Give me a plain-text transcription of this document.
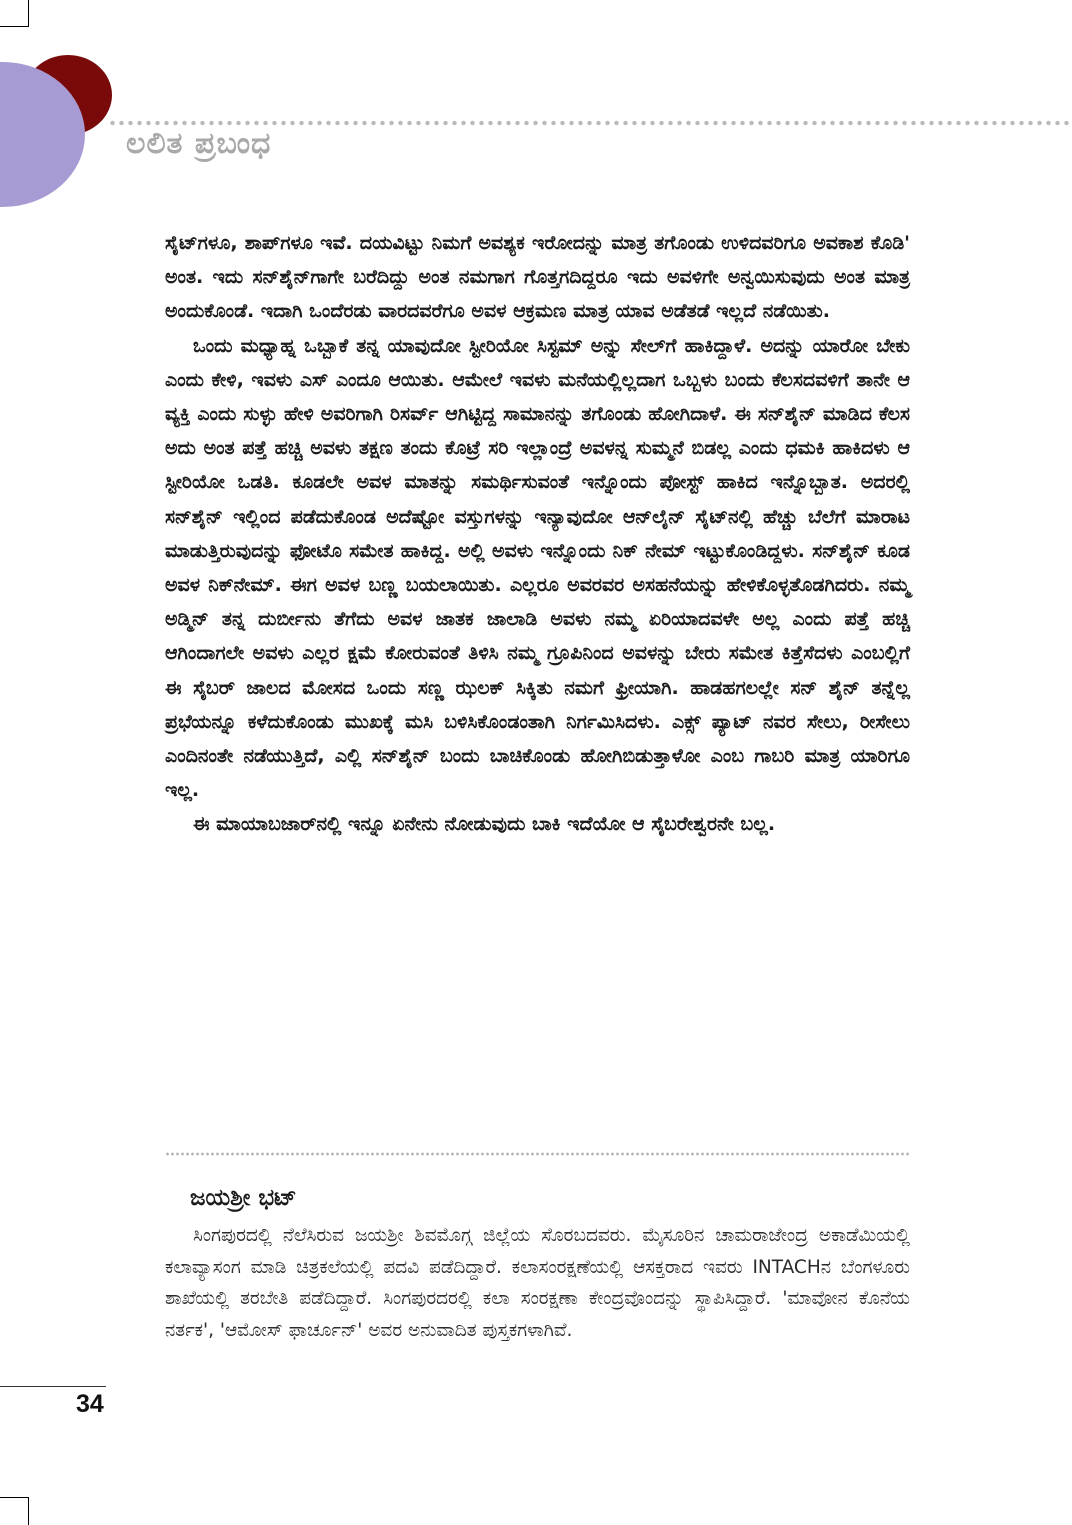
ಲಲಿತ ಪ್ರಬಂಧ

ಸೈಟ್‌ಗಳೂ, ಶಾಪ್‌ಗಳೂ ಇವೆ. ದಯವಿಟ್ಟು ನಿಮಗೆ ಅವಶ್ಯಕ ಇರೋದನ್ನು ಮಾತ್ರ ತಗೊಂಡು ಉಳಿದವರಿಗೂ ಅವಕಾಶ ಕೊಡಿ' ಅಂತ. ಇದು ಸನ್‌ಶೈನ್‌ಗಾಗೇ ಬರೆದಿದ್ದು ಅಂತ ನಮಗಾಗ ಗೊತ್ತಗದಿದ್ದರೂ ಇದು ಅವಳಿಗೇ ಅನ್ವಯಿಸುವುದು ಅಂತ ಮಾತ್ರ ಅಂದುಕೊಂಡೆ. ಇದಾಗಿ ಒಂದೆರಡು ವಾರದವರೆಗೂ ಅವಳ ಆಕ್ರಮಣ ಮಾತ್ರ ಯಾವ ಅಡೆತಡೆ ಇಲ್ಲದೆ ನಡೆಯಿತು.

ಒಂದು ಮಧ್ಯಾಹ್ನ ಒಬ್ಬಾಕೆ ತನ್ನ ಯಾವುದೋ ಸ್ಟೀರಿಯೋ ಸಿಸ್ಟಮ್ ಅನ್ನು ಸೇಲ್‌ಗೆ ಹಾಕಿದ್ದಾಳೆ. ಅದನ್ನು ಯಾರೋ ಬೇಕು ಎಂದು ಕೇಳಿ, ಇವಳು ಎಸ್ ಎಂದೂ ಆಯಿತು. ಆಮೇಲೆ ಇವಳು ಮನೆಯಲ್ಲಿಲ್ಲದಾಗ ಒಬ್ಬಳು ಬಂದು ಕೆಲಸದವಳಿಗೆ ತಾನೇ ಆ ವ್ಯಕ್ತಿ ಎಂದು ಸುಳ್ಳು ಹೇಳಿ ಅವರಿಗಾಗಿ ರಿಸರ್ವ್ ಆಗಿಟ್ಟಿದ್ದ ಸಾಮಾನನ್ನು ತಗೊಂಡು ಹೋಗಿದಾಳೆ. ಈ ಸನ್‌ಶೈನ್ ಮಾಡಿದ ಕೆಲಸ ಅದು ಅಂತ ಪತ್ತೆ ಹಚ್ಚಿ ಅವಳು ತಕ್ಷಣ ತಂದು ಕೊಟ್ರೆ ಸರಿ ಇಲ್ಲಾಂದ್ರೆ ಅವಳನ್ನ ಸುಮ್ಮನೆ ಬಿಡಲ್ಲ ಎಂದು ಧಮಕಿ ಹಾಕಿದಳು ಆ ಸ್ಟೀರಿಯೋ ಒಡತಿ. ಕೂಡಲೇ ಅವಳ ಮಾತನ್ನು ಸಮರ್ಥಿಸುವಂತೆ ಇನ್ನೊಂದು ಪೋಸ್ಟ್ ಹಾಕಿದ ಇನ್ನೊಬ್ಬಾತ. ಅದರಲ್ಲಿ ಸನ್‌ಶೈನ್ ಇಲ್ಲಿಂದ ಪಡೆದುಕೊಂಡ ಅದೆಷ್ಟೋ ವಸ್ತುಗಳನ್ನು ಇನ್ಯಾವುದೋ ಆನ್‌ಲೈನ್ ಸೈಟ್‌ನಲ್ಲಿ ಹೆಚ್ಚು ಬೆಲೆಗೆ ಮಾರಾಟ ಮಾಡುತ್ತಿರುವುದನ್ನು ಫೋಟೊ ಸಮೇತ ಹಾಕಿದ್ದ. ಅಲ್ಲಿ ಅವಳು ಇನ್ನೊಂದು ನಿಕ್ ನೇಮ್ ಇಟ್ಟುಕೊಂಡಿದ್ದಳು. ಸನ್‌ಶೈನ್ ಕೂಡ ಅವಳ ನಿಕ್‌ನೇಮ್. ಈಗ ಅವಳ ಬಣ್ಣ ಬಯಲಾಯಿತು. ಎಲ್ಲರೂ ಅವರವರ ಅಸಹನೆಯನ್ನು ಹೇಳಿಕೊಳ್ಳತೊಡಗಿದರು. ನಮ್ಮ ಅಡ್ಮಿನ್ ತನ್ನ ದುರ್ಬೀನು ತೆಗೆದು ಅವಳ ಜಾತಕ ಜಾಲಾಡಿ ಅವಳು ನಮ್ಮ ಏರಿಯಾದವಳೇ ಅಲ್ಲ ಎಂದು ಪತ್ತೆ ಹಚ್ಚಿ ಆಗಿಂದಾಗಲೇ ಅವಳು ಎಲ್ಲರ ಕ್ಷಮೆ ಕೋರುವಂತೆ ತಿಳಿಸಿ ನಮ್ಮ ಗ್ರೂಪಿನಿಂದ ಅವಳನ್ನು ಬೇರು ಸಮೇತ ಕಿತ್ತೆಸೆದಳು ಎಂಬಲ್ಲಿಗೆ ಈ ಸೈಬರ್ ಜಾಲದ ಮೋಸದ ಒಂದು ಸಣ್ಣ ಝಲಕ್ ಸಿಕ್ಕಿತು ನಮಗೆ ಫ್ರೀಯಾಗಿ. ಹಾಡಹಗಲಲ್ಲೇ ಸನ್ ಶೈನ್ ತನ್ನೆಲ್ಲ ಪ್ರಭೆಯನ್ನೂ ಕಳೆದುಕೊಂಡು ಮುಖಕ್ಕೆ ಮಸಿ ಬಳಿಸಿಕೊಂಡಂತಾಗಿ ನಿರ್ಗಮಿಸಿದಳು. ಎಕ್ಸ್ ಪ್ಯಾಟ್ ನವರ ಸೇಲು, ರೀಸೇಲು ಎಂದಿನಂತೇ ನಡೆಯುತ್ತಿದೆ, ಎಲ್ಲಿ ಸನ್‌ಶೈನ್ ಬಂದು ಬಾಚಿಕೊಂಡು ಹೋಗಿಬಿಡುತ್ತಾಳೋ ಎಂಬ ಗಾಬರಿ ಮಾತ್ರ ಯಾರಿಗೂ ಇಲ್ಲ.

ಈ ಮಾಯಾಬಜಾರ್‌ನಲ್ಲಿ ಇನ್ನೂ ಏನೇನು ನೋಡುವುದು ಬಾಕಿ ಇದೆಯೋ ಆ ಸೈಬರೇಶ್ವರನೇ ಬಲ್ಲ.

ಜಯಶ್ರೀ ಭಟ್

ಸಿಂಗಪುರದಲ್ಲಿ ನೆಲೆಸಿರುವ ಜಯಶ್ರೀ ಶಿವಮೊಗ್ಗ ಜಿಲ್ಲೆಯ ಸೊರಬದವರು. ಮೈಸೂರಿನ ಚಾಮರಾಜೇಂದ್ರ ಅಕಾಡೆಮಿಯಲ್ಲಿ ಕಲಾವ್ಯಾಸಂಗ ಮಾಡಿ ಚಿತ್ರಕಲೆಯಲ್ಲಿ ಪದವಿ ಪಡೆದಿದ್ದಾರೆ. ಕಲಾಸಂರಕ್ಷಣೆಯಲ್ಲಿ ಆಸಕ್ತರಾದ ಇವರು INTACHನ ಬೆಂಗಳೂರು ಶಾಖೆಯಲ್ಲಿ ತರಬೇತಿ ಪಡೆದಿದ್ದಾರೆ. ಸಿಂಗಪುರದರಲ್ಲಿ ಕಲಾ ಸಂರಕ್ಷಣಾ ಕೇಂದ್ರವೊಂದನ್ನು ಸ್ಥಾಪಿಸಿದ್ದಾರೆ. 'ಮಾವೋನ ಕೊನೆಯ ನರ್ತಕ', 'ಆಮೋಸ್ ಫಾರ್ಚೂನ್' ಅವರ ಅನುವಾದಿತ ಪುಸ್ತಕಗಳಾಗಿವೆ.

34
